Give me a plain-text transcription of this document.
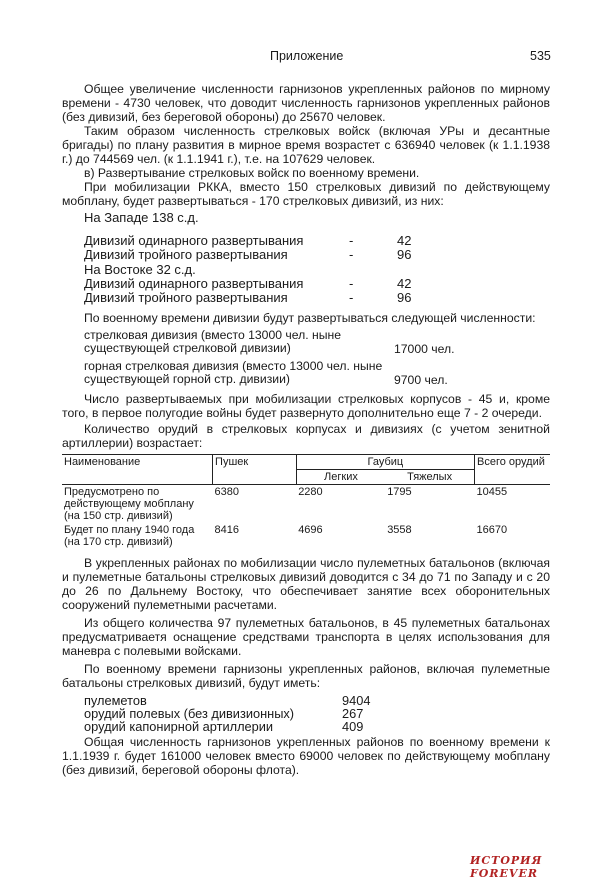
Приложение	535

Общее увеличение численности гарнизонов укрепленных районов по мирному времени - 4730 человек, что доводит численность гарнизонов укрепленных районов (без дивизий, без береговой обороны) до 25670 человек.

Таким образом численность стрелковых войск (включая УРы и десантные бригады) по плану развития в мирное время возрастет с 636940 человек (к 1.1.1938 г.) до 744569 чел. (к 1.1.1941 г.), т.е. на 107629 человек.

в) Развертывание стрелковых войск по военному времени.

При мобилизации РККА, вместо 150 стрелковых дивизий по действующему мобплану, будет развертываться - 170 стрелковых дивизий, из них:

На Западе 138 с.д.
Дивизий одинарного развертывания	-	42
Дивизий тройного развертывания	-	96
На Востоке 32 с.д.
Дивизий одинарного развертывания	-	42
Дивизий тройного развертывания	-	96

По военному времени дивизии будут развертываться следующей численности:

стрелковая дивизия (вместо 13000 чел. ныне существующей стрелковой дивизии)	17000 чел.
горная стрелковая дивизия (вместо 13000 чел. ныне существующей горной стр. дивизии)	9700 чел.

Число развертываемых при мобилизации стрелковых корпусов - 45 и, кроме того, в первое полугодие войны будет развернуто дополнительно еще 7 - 2 очереди.

Количество орудий в стрелковых корпусах и дивизиях (с учетом зенитной артиллерии) возрастает:

Наименование	Пушек	Гаубиц		Всего орудий
		Легких	Тяжелых	
Предусмотрено по действующему мобплану (на 150 стр. дивизий)	6380	2280	1795	10455
Будет по плану 1940 года (на 170 стр. дивизий)	8416	4696	3558	16670

В укрепленных районах по мобилизации число пулеметных батальонов (включая и пулеметные батальоны стрелковых дивизий доводится с 34 до 71 по Западу и с 20 до 26 по Дальнему Востоку, что обеспечивает занятие всех оборонительных сооружений пулеметными расчетами.

Из общего количества 97 пулеметных батальонов, в 45 пулеметных батальонах предусматриваетя оснащение средствами транспорта в целях использования для маневра с полевыми войсками.

По военному времени гарнизоны укрепленных районов, включая пулеметные батальоны стрелковых дивизий, будут иметь:

пулеметов	9404
орудий полевых (без дивизионных)	267
орудий капонирной артиллерии	409

Общая численность гарнизонов укрепленных районов по военному времени к 1.1.1939 г. будет 161000 человек вместо 69000 человек по действующему мобплану (без дивизий, береговой обороны флота).

ИСТОРИЯ FOREVER
